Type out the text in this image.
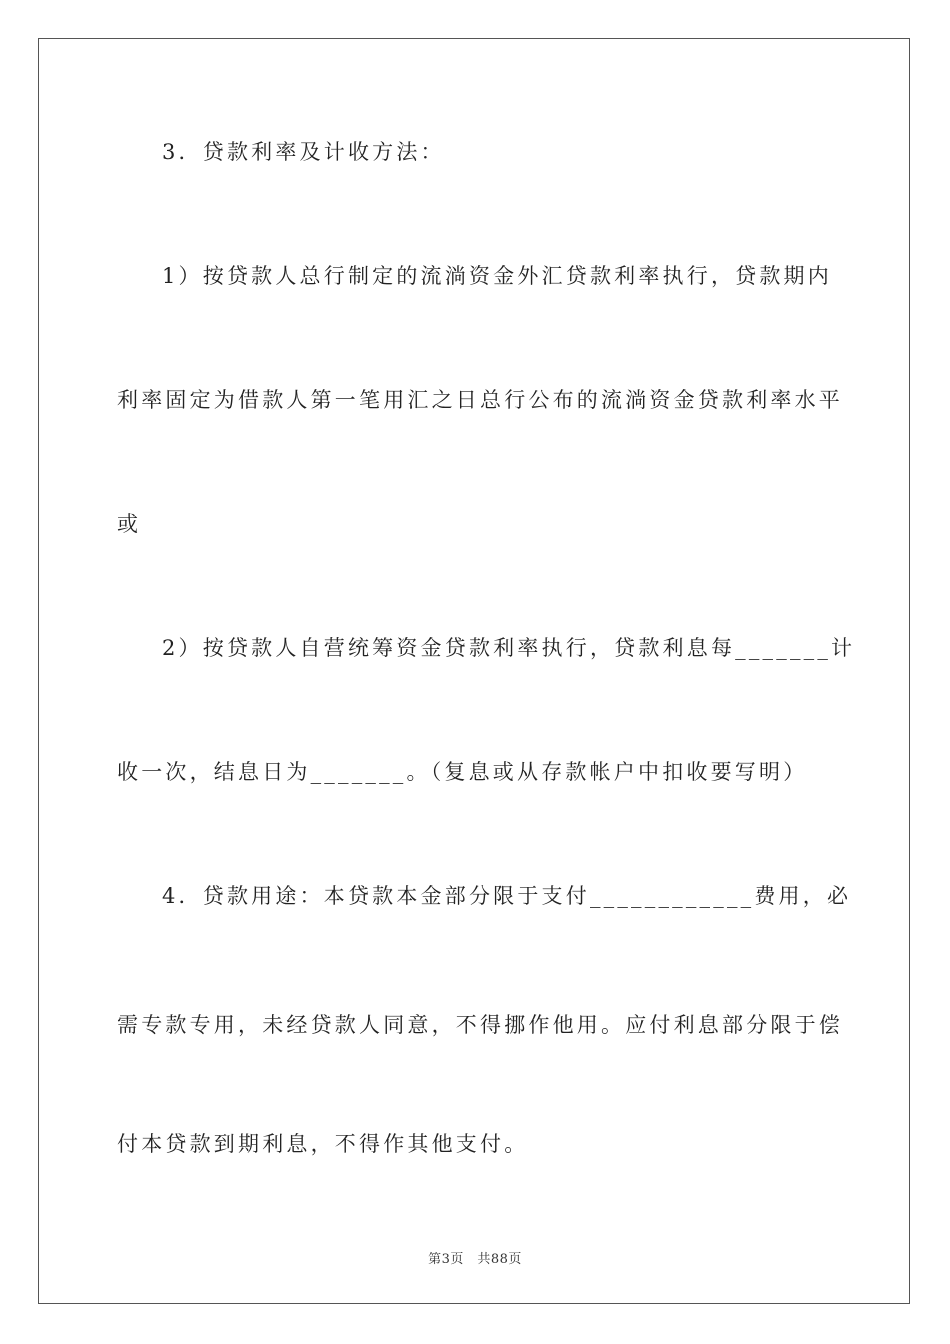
3．贷款利率及计收方法：
1）按贷款人总行制定的流淌资金外汇贷款利率执行，贷款期内
利率固定为借款人第一笔用汇之日总行公布的流淌资金贷款利率水平
或
2）按贷款人自营统筹资金贷款利率执行，贷款利息每_______计
收一次，结息日为_______。（复息或从存款帐户中扣收要写明）
4．贷款用途：本贷款本金部分限于支付____________费用，必
需专款专用，未经贷款人同意，不得挪作他用。应付利息部分限于偿
付本贷款到期利息，不得作其他支付。
第3页　共88页
